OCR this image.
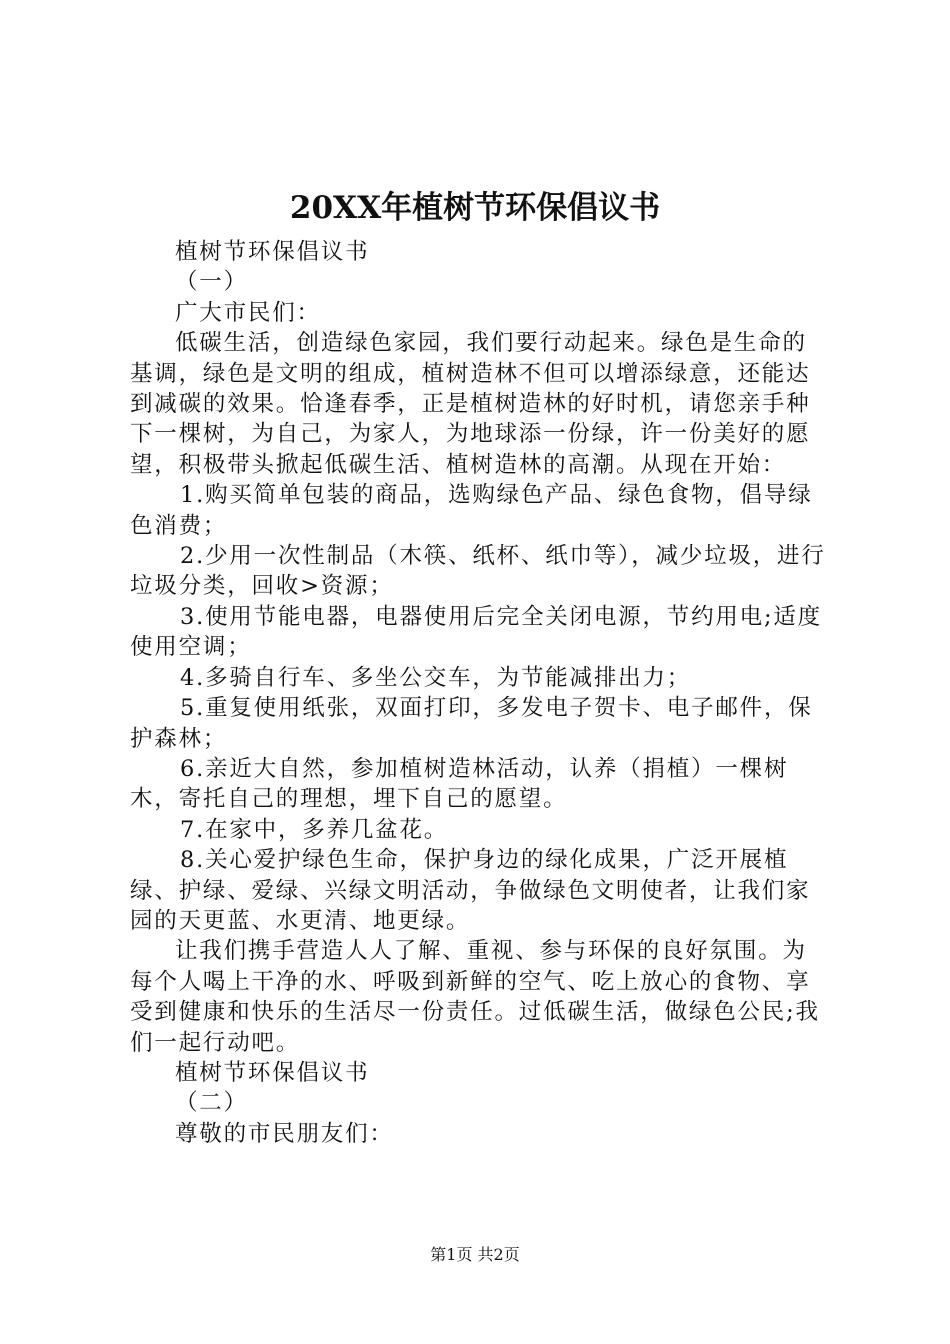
20XX年植树节环保倡议书

植树节环保倡议书

（一）

广大市民们：

低碳生活，创造绿色家园，我们要行动起来。绿色是生命的基调，绿色是文明的组成，植树造林不但可以增添绿意，还能达到减碳的效果。恰逢春季，正是植树造林的好时机，请您亲手种下一棵树，为自己，为家人，为地球添一份绿，许一份美好的愿望，积极带头掀起低碳生活、植树造林的高潮。从现在开始：

1.购买简单包装的商品，选购绿色产品、绿色食物，倡导绿色消费；

2.少用一次性制品（木筷、纸杯、纸巾等），减少垃圾，进行垃圾分类，回收>资源；

3.使用节能电器，电器使用后完全关闭电源，节约用电;适度使用空调；

4.多骑自行车、多坐公交车，为节能减排出力；

5.重复使用纸张，双面打印，多发电子贺卡、电子邮件，保护森林；

6.亲近大自然，参加植树造林活动，认养（捐植）一棵树木，寄托自己的理想，埋下自己的愿望。

7.在家中，多养几盆花。

8.关心爱护绿色生命，保护身边的绿化成果，广泛开展植绿、护绿、爱绿、兴绿文明活动，争做绿色文明使者，让我们家园的天更蓝、水更清、地更绿。

让我们携手营造人人了解、重视、参与环保的良好氛围。为每个人喝上干净的水、呼吸到新鲜的空气、吃上放心的食物、享受到健康和快乐的生活尽一份责任。过低碳生活，做绿色公民;我们一起行动吧。

植树节环保倡议书

（二）

尊敬的市民朋友们：

第1页 共2页
